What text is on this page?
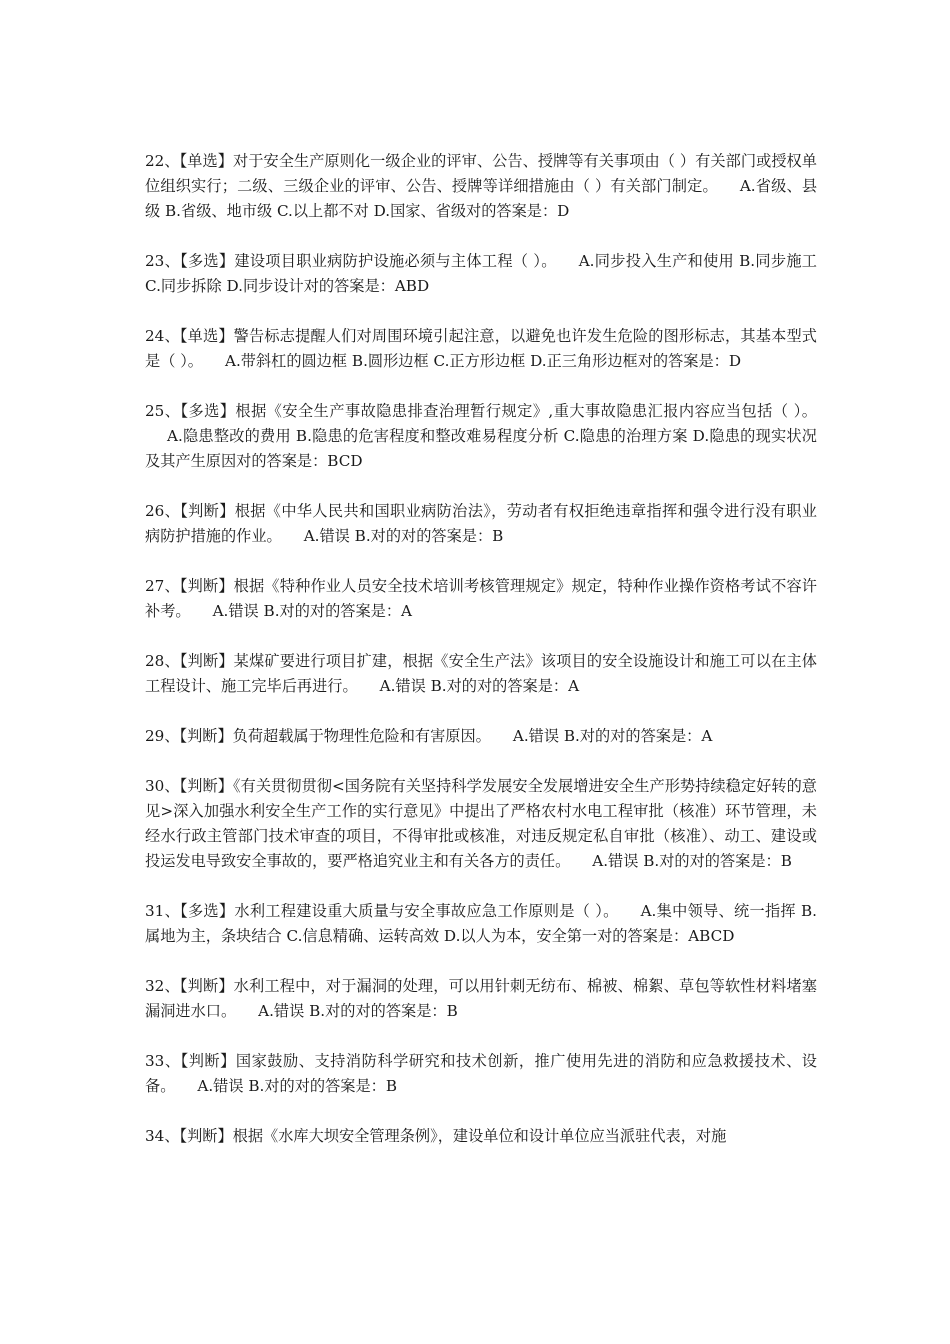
22、【单选】对于安全生产原则化一级企业的评审、公告、授牌等有关事项由（ ）有关部门或授权单位组织实行；二级、三级企业的评审、公告、授牌等详细措施由（ ）有关部门制定。 A.省级、县级 B.省级、地市级 C.以上都不对 D.国家、省级对的答案是：D

23、【多选】建设项目职业病防护设施必须与主体工程（ ）。 A.同步投入生产和使用 B.同步施工 C.同步拆除 D.同步设计对的答案是：ABD

24、【单选】警告标志提醒人们对周围环境引起注意，以避免也许发生危险的图形标志，其基本型式是（ ）。 A.带斜杠的圆边框 B.圆形边框 C.正方形边框 D.正三角形边框对的答案是：D

25、【多选】根据《安全生产事故隐患排查治理暂行规定》,重大事故隐患汇报内容应当包括（ ）。A.隐患整改的费用 B.隐患的危害程度和整改难易程度分析 C.隐患的治理方案 D.隐患的现实状况及其产生原因对的答案是：BCD

26、【判断】根据《中华人民共和国职业病防治法》，劳动者有权拒绝违章指挥和强令进行没有职业病防护措施的作业。 A.错误 B.对的对的答案是：B

27、【判断】根据《特种作业人员安全技术培训考核管理规定》规定，特种作业操作资格考试不容许补考。 A.错误 B.对的对的答案是：A

28、【判断】某煤矿要进行项目扩建，根据《安全生产法》该项目的安全设施设计和施工可以在主体工程设计、施工完毕后再进行。 A.错误 B.对的对的答案是：A

29、【判断】负荷超载属于物理性危险和有害原因。 A.错误 B.对的对的答案是：A

30、【判断】《有关贯彻贯彻<国务院有关坚持科学发展安全发展增进安全生产形势持续稳定好转的意见>深入加强水利安全生产工作的实行意见》中提出了严格农村水电工程审批（核准）环节管理，未经水行政主管部门技术审查的项目，不得审批或核准，对违反规定私自审批（核准）、动工、建设或投运发电导致安全事故的，要严格追究业主和有关各方的责任。 A.错误 B.对的对的答案是：B

31、【多选】水利工程建设重大质量与安全事故应急工作原则是（ ）。 A.集中领导、统一指挥 B.属地为主，条块结合 C.信息精确、运转高效 D.以人为本，安全第一对的答案是：ABCD

32、【判断】水利工程中，对于漏洞的处理，可以用针刺无纺布、棉被、棉絮、草包等软性材料堵塞漏洞进水口。 A.错误 B.对的对的答案是：B

33、【判断】国家鼓励、支持消防科学研究和技术创新，推广使用先进的消防和应急救援技术、设备。 A.错误 B.对的对的答案是：B

34、【判断】根据《水库大坝安全管理条例》，建设单位和设计单位应当派驻代表，对施
